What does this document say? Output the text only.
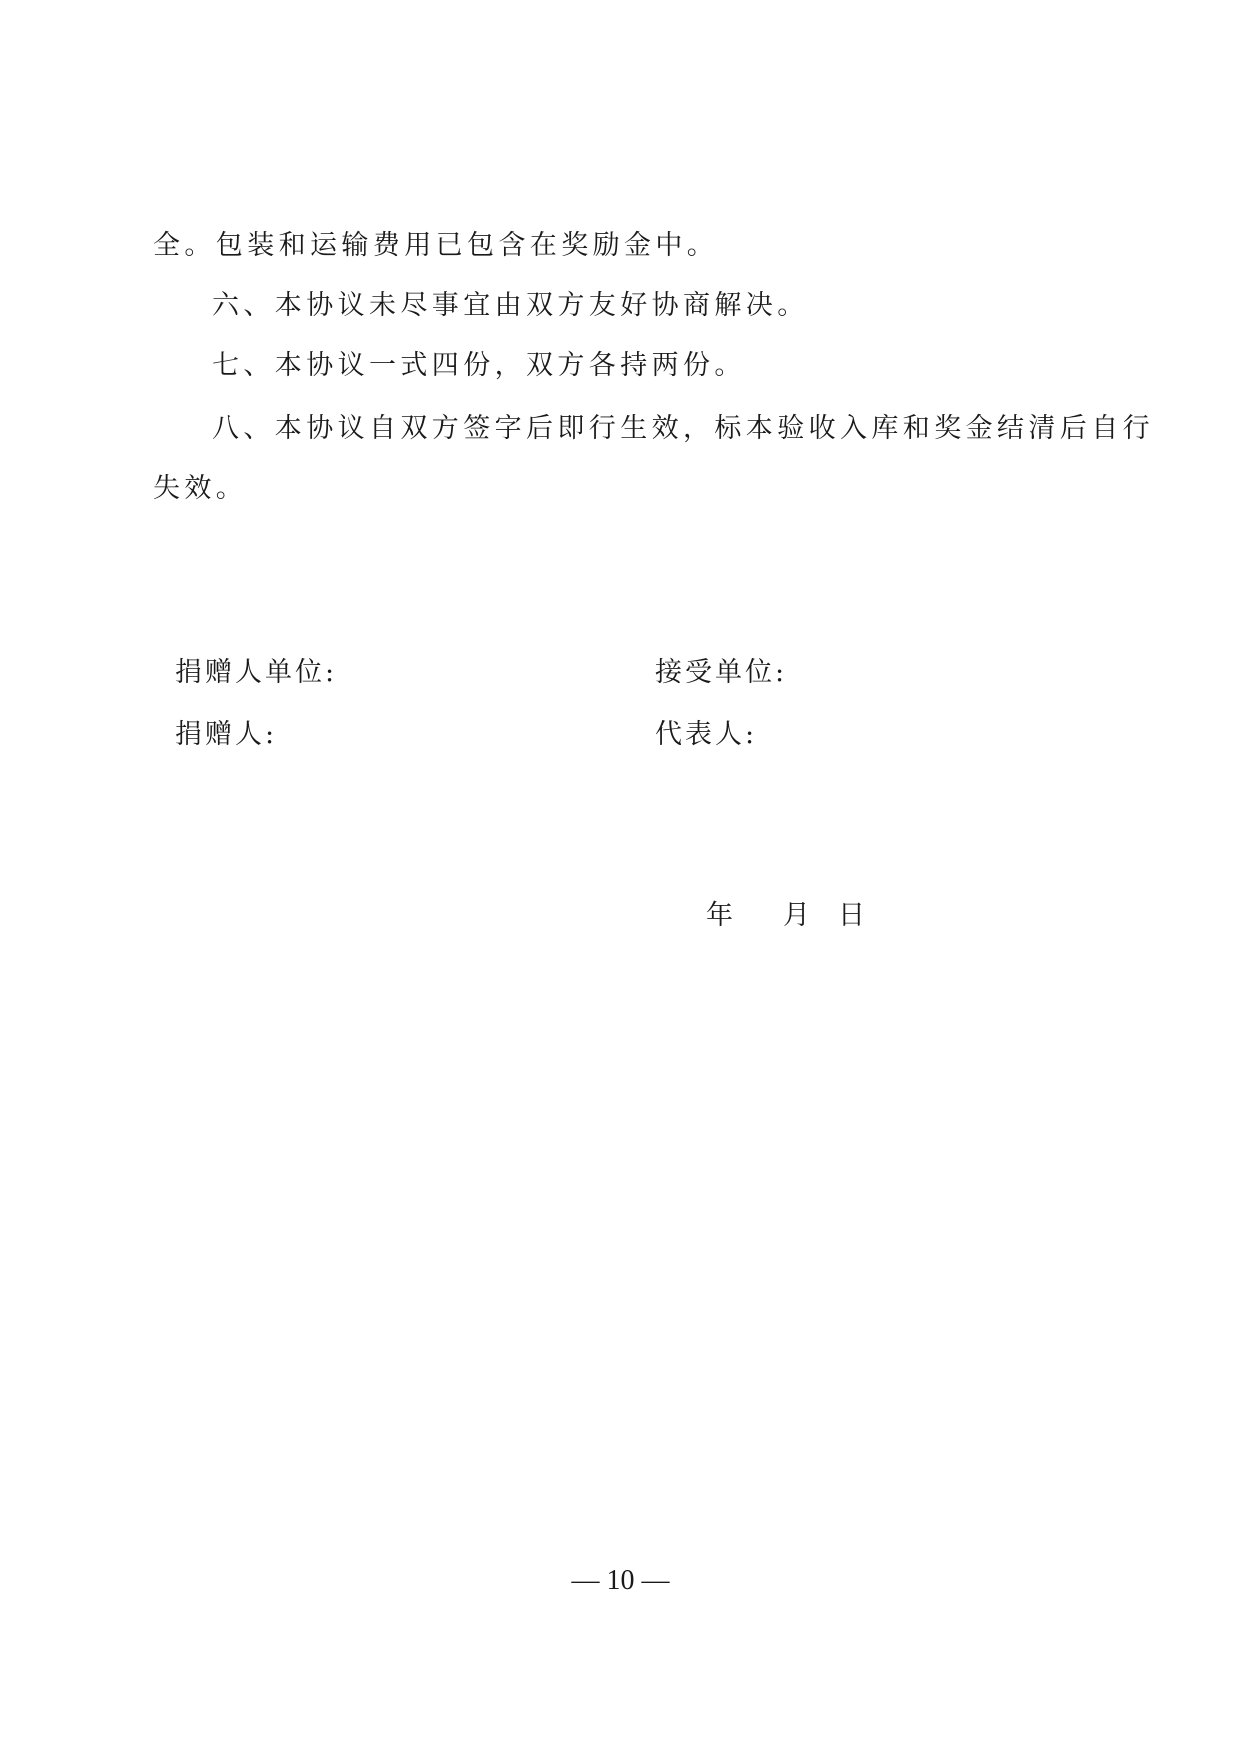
全。包装和运输费用已包含在奖励金中。
六、本协议未尽事宜由双方友好协商解决。
七、本协议一式四份，双方各持两份。
八、本协议自双方签字后即行生效，标本验收入库和奖金结清后自行
失效。
捐赠人单位:	接受单位:
捐赠人:	代表人:
年 月 日
— 10 —
